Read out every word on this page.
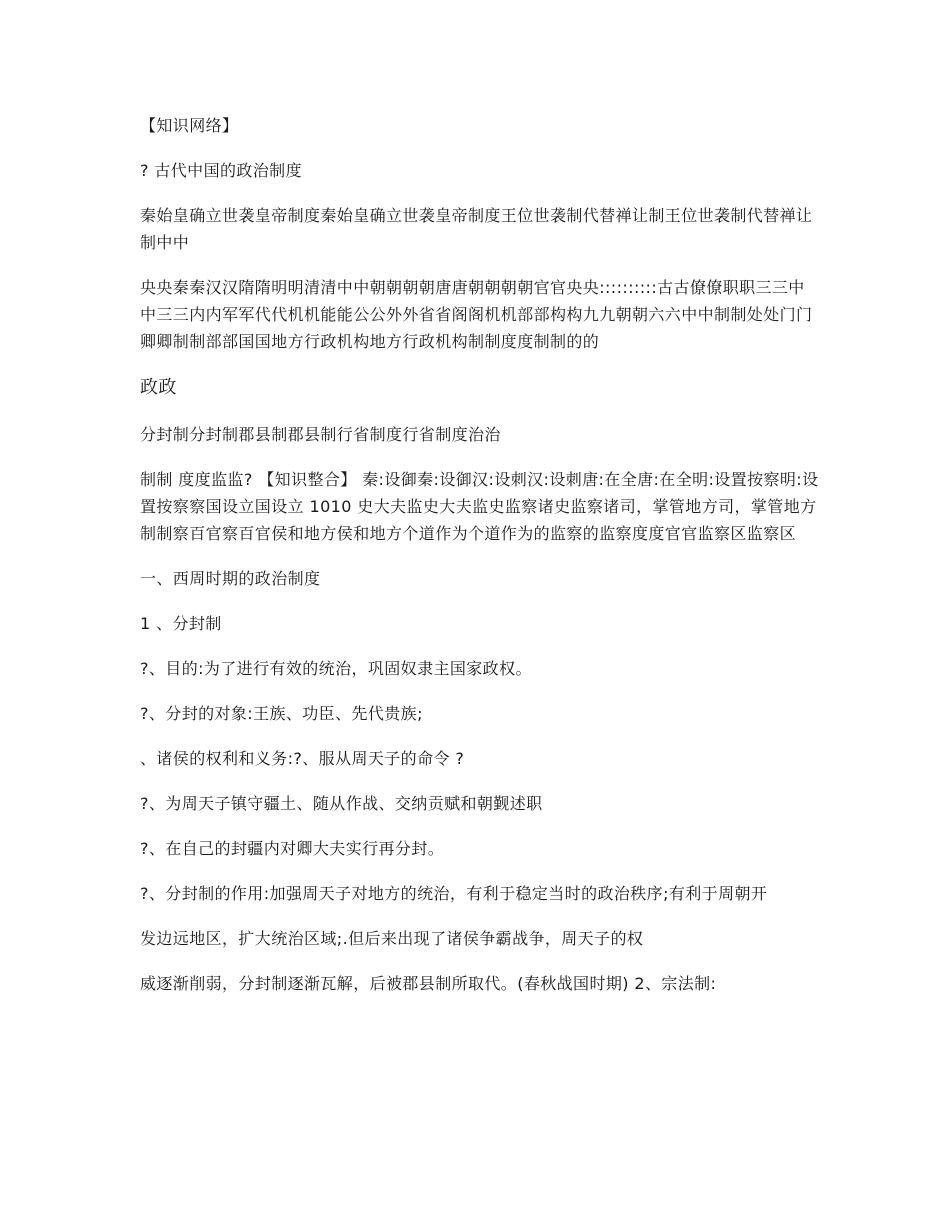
【知识网络】

? 古代中国的政治制度

秦始皇确立世袭皇帝制度秦始皇确立世袭皇帝制度王位世袭制代替禅让制王位世袭制代替禅让制中中

央央秦秦汉汉隋隋明明清清中中朝朝朝朝唐唐朝朝朝朝官官央央::::::::::古古僚僚职职三三中中三三内内军军代代机机能能公公外外省省阁阁机机部部构构九九朝朝六六中中制制处处门门卿卿制制部部国国地方行政机构地方行政机构制制度度制制的的

政政

分封制分封制郡县制郡县制行省制度行省制度治治

制制 度度监监? 【知识整合】 秦:设御秦:设御汉:设刺汉:设刺唐:在全唐:在全明:设置按察明:设置按察察国设立国设立 1010 史大夫监史大夫监史监察诸史监察诸司，掌管地方司，掌管地方制制察百官察百官侯和地方侯和地方个道作为个道作为的监察的监察度度官官监察区监察区

一、西周时期的政治制度

1 、分封制

?、目的:为了进行有效的统治，巩固奴隶主国家政权。

?、分封的对象:王族、功臣、先代贵族;

、诸侯的权利和义务:?、服从周天子的命令 ?

?、为周天子镇守疆土、随从作战、交纳贡赋和朝觐述职

?、在自己的封疆内对卿大夫实行再分封。

?、分封制的作用:加强周天子对地方的统治，有利于稳定当时的政治秩序;有利于周朝开

发边远地区，扩大统治区域;.但后来出现了诸侯争霸战争，周天子的权

威逐渐削弱，分封制逐渐瓦解，后被郡县制所取代。(春秋战国时期) 2、宗法制:
